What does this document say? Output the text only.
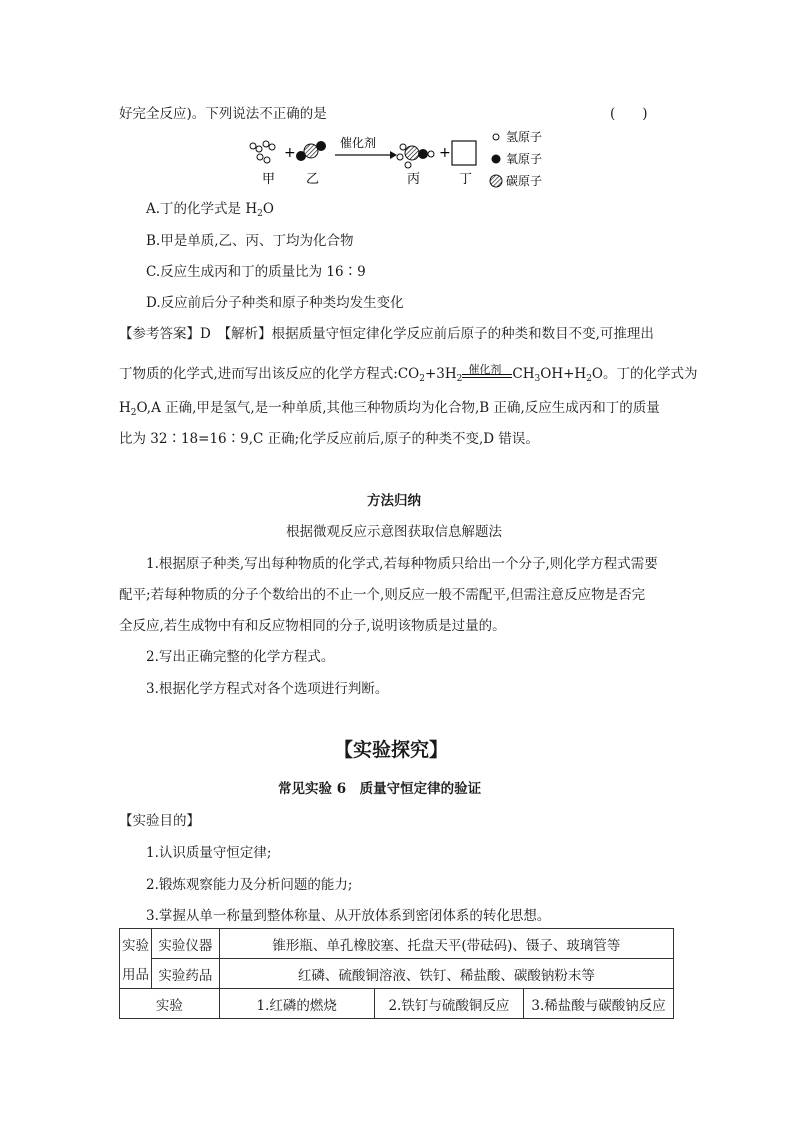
好完全反应)。下列说法不正确的是	(　　)
+
催化剂
+
甲 乙	丙	丁
氢原子
氧原子
碳原子
A.丁的化学式是 $H_2O$
B.甲是单质,乙、丙、丁均为化合物
C.反应生成丙和丁的质量比为 16∶9
D.反应前后分子种类和原子种类均发生变化
【参考答案】D　【解析】根据质量守恒定律化学反应前后原子的种类和数目不变,可推理出
丁物质的化学式,进而写出该反应的化学方程式$:CO_2+3H_2$
催化剂 $CH_3OH+H_2O$。丁的化学式为
$H_2O,A$ 正确,甲是氢气,是一种单质,其他三种物质均为化合物,B 正确,反应生成丙和丁的质量
比为 32∶18=16∶9,C 正确;化学反应前后,原子的种类不变,D 错误。
方法归纳
根据微观反应示意图获取信息解题法
1.根据原子种类,写出每种物质的化学式,若每种物质只给出一个分子,则化学方程式需要
配平;若每种物质的分子个数给出的不止一个,则反应一般不需配平,但需注意反应物是否完
全反应,若生成物中有和反应物相同的分子,说明该物质是过量的。
2.写出正确完整的化学方程式。
3.根据化学方程式对各个选项进行判断。
【实验探究】
常见实验 6　质量守恒定律的验证
【实验目的】
1.认识质量守恒定律;
2.锻炼观察能力及分析问题的能力;
3.掌握从单一称量到整体称量、从开放体系到密闭体系的转化思想。
实验	实验仪器	锥形瓶、单孔橡胶塞、托盘天平(带砝码)、镊子、玻璃管等		
用品	实验药品	红磷、硫酸铜溶液、铁钉、稀盐酸、碳酸钠粉末等		
实验		1.红磷的燃烧	2.铁钉与硫酸铜反应	3.稀盐酸与碳酸钠反应
